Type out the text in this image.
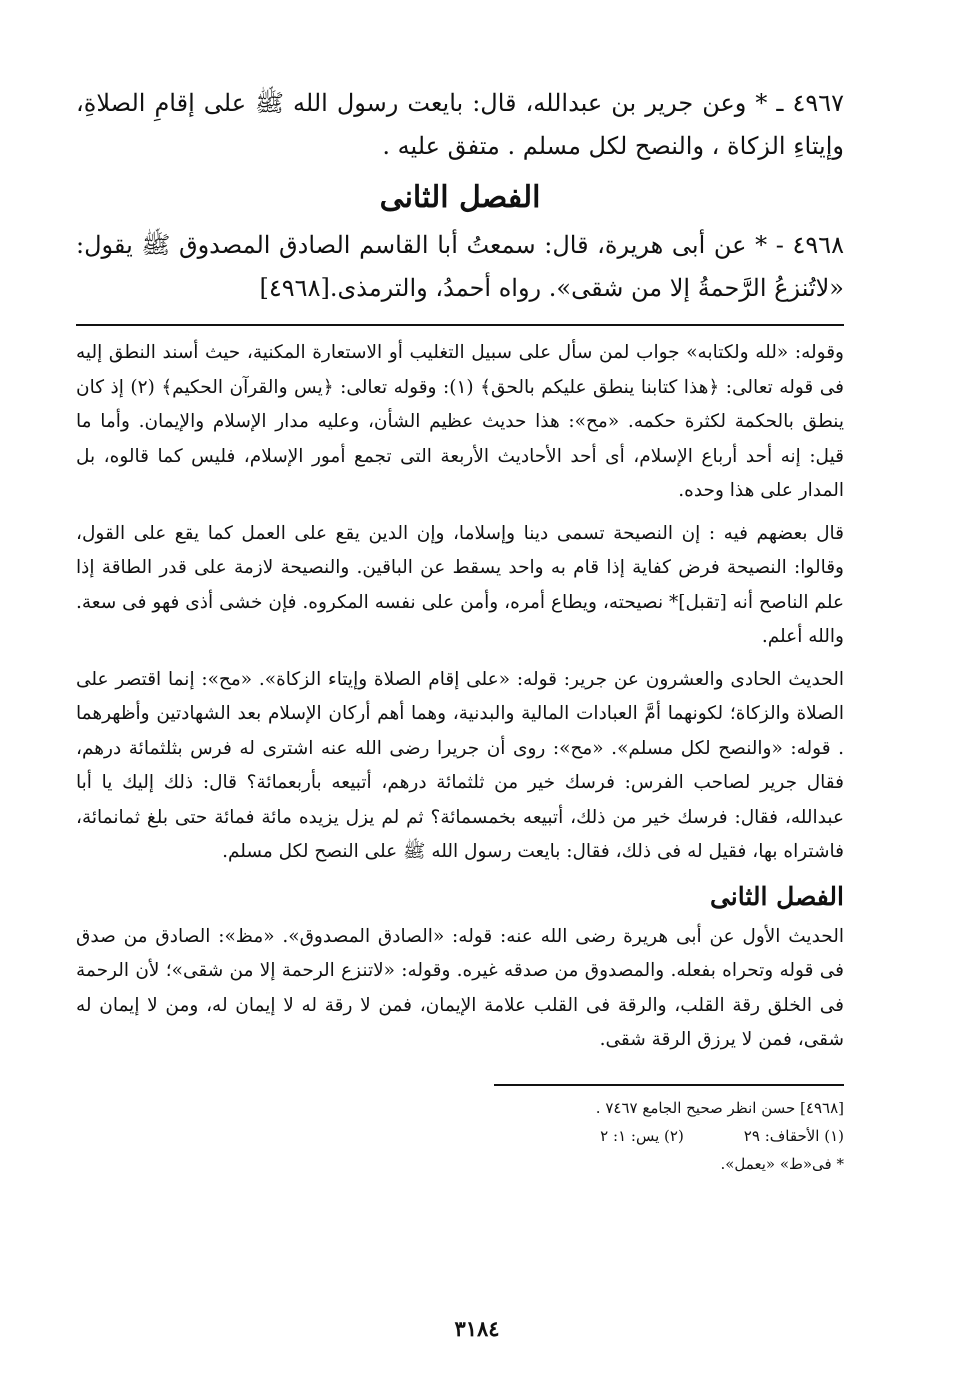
٤٩٦٧ ـ * وعن جرير بن عبدالله، قال: بايعت رسول الله ﷺ على إقامِ الصلاةِ، وإيتاءِ الزكاة ، والنصح لكل مسلم . متفق عليه .

الفصل الثانى

٤٩٦٨ - * عن أبى هريرة، قال: سمعتُ أبا القاسم الصادق المصدوق ﷺ يقول: «لاتُنزعُ الرَّحمةُ إلا من شقى». رواه أحمدُ، والترمذى.[٤٩٦٨]

وقوله: «لله ولكتابه» جواب لمن سأل على سبيل التغليب أو الاستعارة المكنية، حيث أسند النطق إليه فى قوله تعالى: ﴿هذا كتابنا ينطق عليكم بالحق﴾ (١): وقوله تعالى: ﴿يس والقرآن الحكيم﴾ (٢) إذ كان ينطق بالحكمة لكثرة حكمه. «مح»: هذا حديث عظيم الشأن، وعليه مدار الإسلام والإيمان. وأما ما قيل: إنه أحد أرباع الإسلام، أى أحد الأحاديث الأربعة التى تجمع أمور الإسلام، فليس كما قالوه، بل المدار على هذا وحده.

قال بعضهم فيه : إن النصيحة تسمى دينا وإسلاما، وإن الدين يقع على العمل كما يقع على القول، وقالوا: النصيحة فرض كفاية إذا قام به واحد يسقط عن الباقين. والنصيحة لازمة على قدر الطاقة إذا علم الناصح أنه [تقبل]* نصيحته، ويطاع أمره، وأمن على نفسه المكروه. فإن خشى أذى فهو فى سعة. والله أعلم.

الحديث الحادى والعشرون عن جرير: قوله: «على إقام الصلاة وإيتاء الزكاة». «مح»: إنما اقتصر على الصلاة والزكاة؛ لكونهما أمَّ العبادات المالية والبدنية، وهما أهم أركان الإسلام بعد الشهادتين وأظهرهما . قوله: «والنصح لكل مسلم». «مح»: روى أن جريرا رضى الله عنه اشترى له فرس بثلثمائة درهم، فقال جرير لصاحب الفرس: فرسك خير من ثلثمائة درهم، أتبيعه بأربعمائة؟ قال: ذلك إليك يا أبا عبدالله، فقال: فرسك خير من ذلك، أتبيعه بخمسمائة؟ ثم لم يزل يزيده مائة فمائة حتى بلغ ثمانمائة، فاشتراه بها، فقيل له فى ذلك، فقال: بايعت رسول الله ﷺ على النصح لكل مسلم.

الفصل الثانى

الحديث الأول عن أبى هريرة رضى الله عنه: قوله: «الصادق المصدوق». «مظ»: الصادق من صدق فى قوله وتحراه بفعله. والمصدوق من صدقه غيره. وقوله: «لاتنزع الرحمة إلا من شقى»؛ لأن الرحمة فى الخلق رقة القلب، والرقة فى القلب علامة الإيمان، فمن لا رقة له لا إيمان له، ومن لا إيمان له شقى، فمن لا يرزق الرقة شقى.

[٤٩٦٨] حسن انظر صحيح الجامع ٧٤٦٧ .
(١) الأحقاف: ٢٩
(٢) يس: ١: ٢
* فى«ط» «يعمل».
٣١٨٤
